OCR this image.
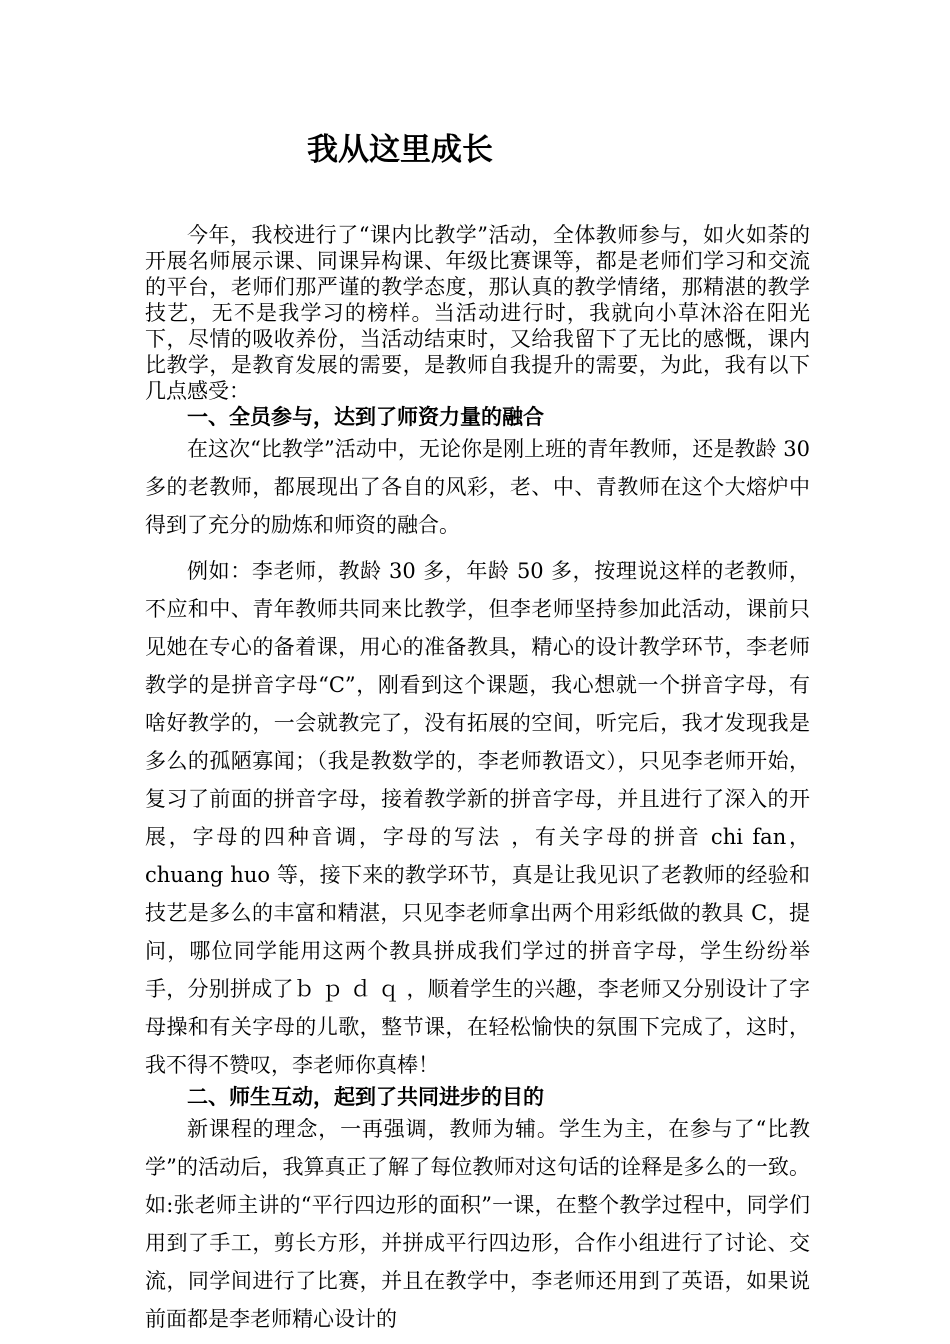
我从这里成长

今年，我校进行了“课内比教学”活动，全体教师参与，如火如荼的开展名师展示课、同课异构课、年级比赛课等，都是老师们学习和交流的平台，老师们那严谨的教学态度，那认真的教学情绪，那精湛的教学技艺，无不是我学习的榜样。当活动进行时，我就向小草沐浴在阳光下，尽情的吸收养份，当活动结束时，又给我留下了无比的感慨，课内比教学，是教育发展的需要，是教师自我提升的需要，为此，我有以下几点感受：

一、全员参与，达到了师资力量的融合

在这次“比教学”活动中，无论你是刚上班的青年教师，还是教龄 30 多的老教师，都展现出了各自的风彩，老、中、青教师在这个大熔炉中得到了充分的励炼和师资的融合。

例如：李老师，教龄 30 多，年龄 50 多，按理说这样的老教师，不应和中、青年教师共同来比教学，但李老师坚持参加此活动，课前只见她在专心的备着课，用心的准备教具，精心的设计教学环节，李老师教学的是拼音字母“C”，刚看到这个课题，我心想就一个拼音字母，有啥好教学的，一会就教完了，没有拓展的空间，听完后，我才发现我是多么的孤陋寡闻；（我是教数学的，李老师教语文），只见李老师开始，复习了前面的拼音字母，接着教学新的拼音字母，并且进行了深入的开展，字母的四种音调，字母的写法 ，有关字母的拼音 chi fan，chuang huo 等，接下来的教学环节，真是让我见识了老教师的经验和技艺是多么的丰富和精湛，只见李老师拿出两个用彩纸做的教具 C，提问，哪位同学能用这两个教具拼成我们学过的拼音字母，学生纷纷举手，分别拼成了ｂ ｐ ｄ ｑ ，顺着学生的兴趣，李老师又分别设计了字母操和有关字母的儿歌，整节课，在轻松愉快的氛围下完成了，这时，我不得不赞叹，李老师你真棒！

二、师生互动，起到了共同进步的目的

新课程的理念，一再强调，教师为辅。学生为主，在参与了“比教学”的活动后，我算真正了解了每位教师对这句话的诠释是多么的一致。如:张老师主讲的“平行四边形的面积”一课，在整个教学过程中，同学们用到了手工，剪长方形，并拼成平行四边形，合作小组进行了讨论、交流，同学间进行了比赛，并且在教学中，李老师还用到了英语，如果说前面都是李老师精心设计的
